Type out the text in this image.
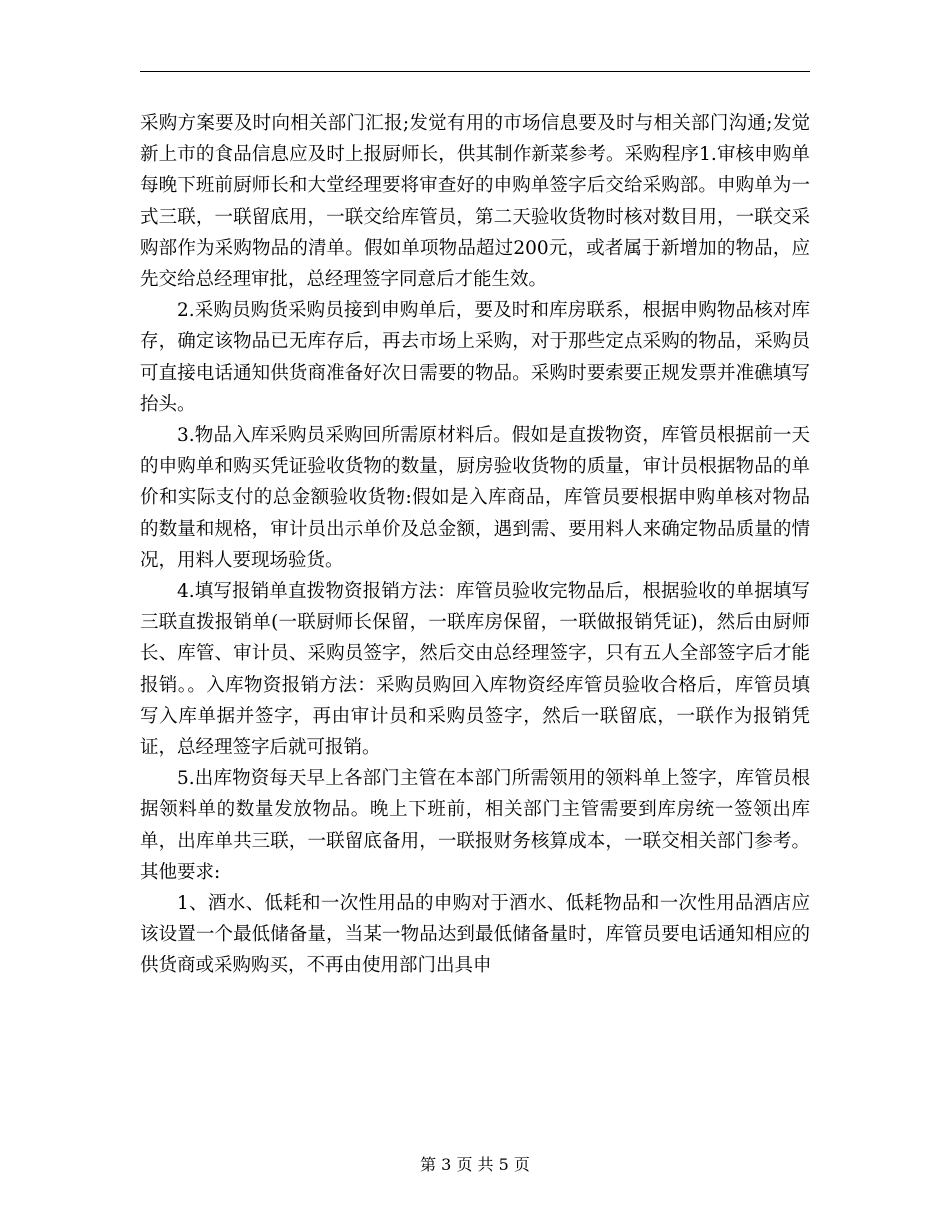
采购方案要及时向相关部门汇报;发觉有用的市场信息要及时与相关部门沟通;发觉新上市的食品信息应及时上报厨师长，供其制作新菜参考。采购程序1.审核申购单每晚下班前厨师长和大堂经理要将审查好的申购单签字后交给采购部。申购单为一式三联，一联留底用，一联交给库管员，第二天验收货物时核对数目用，一联交采购部作为采购物品的清单。假如单项物品超过200元，或者属于新增加的物品，应先交给总经理审批，总经理签字同意后才能生效。

2.采购员购货采购员接到申购单后，要及时和库房联系，根据申购物品核对库存，确定该物品已无库存后，再去市场上采购，对于那些定点采购的物品，采购员可直接电话通知供货商准备好次日需要的物品。采购时要索要正规发票并准礁填写抬头。

3.物品入库采购员采购回所需原材料后。假如是直拨物资，库管员根据前一天的申购单和购买凭证验收货物的数量，厨房验收货物的质量，审计员根据物品的单价和实际支付的总金额验收货物:假如是入库商品，库管员要根据申购单核对物品的数量和规格，审计员出示单价及总金额，遇到需、要用料人来确定物品质量的情况，用料人要现场验货。

4.填写报销单直拨物资报销方法：库管员验收完物品后，根据验收的单据填写三联直拨报销单(一联厨师长保留，一联库房保留，一联做报销凭证)，然后由厨师长、库管、审计员、采购员签字，然后交由总经理签字，只有五人全部签字后才能报销。。入库物资报销方法：采购员购回入库物资经库管员验收合格后，库管员填写入库单据并签字，再由审计员和采购员签字，然后一联留底，一联作为报销凭证，总经理签字后就可报销。

5.出库物资每天早上各部门主管在本部门所需领用的领料单上签字，库管员根据领料单的数量发放物品。晚上下班前，相关部门主管需要到库房统一签领出库单，出库单共三联，一联留底备用，一联报财务核算成本，一联交相关部门参考。其他要求:

1、酒水、低耗和一次性用品的申购对于酒水、低耗物品和一次性用品酒店应该设置一个最低储备量，当某一物品达到最低储备量时，库管员要电话通知相应的供货商或采购购买，不再由使用部门出具申

第 3 页 共 5 页
